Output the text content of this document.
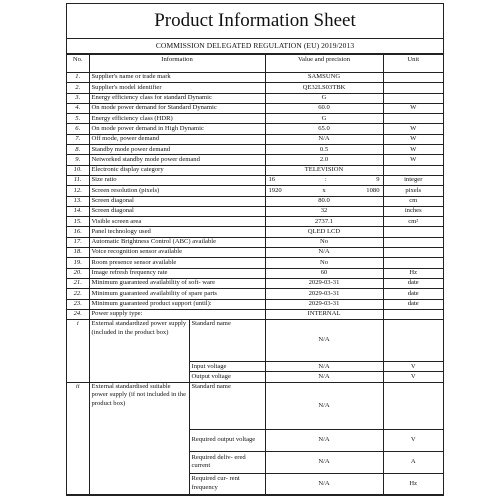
Product Information Sheet
COMMISSION DELEGATED REGULATION (EU) 2019/2013
No.	Information		Value and precision	Unit
1.	Supplier's name or trade mark		SAMSUNG	
2.	Supplier's model identifier		QE32LS03TBK	
3.	Energy efficiency class for standard Dynamic		G	
4.	On mode power demand for Standard Dynamic		60.0	W
5.	Energy efficiency class (HDR)		G	
6.	On mode power demand in High Dynamic		65.0	W
7.	Off mode, power demand		N/A	W
8.	Standby mode power demand		0.5	W
9.	Networked standby mode power demand		2.0	W
10.	Electronic display category		TELEVISION	
11.	Size ratio		16 : 9	integer
12.	Screen resolution (pixels)		1920 x 1080	pixels
13.	Screen diagonal		80.0	cm
14.	Screen diagonal		32	inches
15.	Visible screen area		2737.1	cm²
16.	Panel technology used		QLED LCD	
17.	Automatic Brightness Control (ABC) available		No	
18.	Voice recognition sensor available		N/A	
19.	Room presence sensor available		No	
20.	Image refresh frequency rate		60	Hz
21.	Minimum guaranteed availability of soft- ware		2029-03-31	date
22.	Minimum guaranteed availability of spare parts		2029-03-31	date
23.	Minimum guaranteed product support (until):		2029-03-31	date
24.	Power supply type:		INTERNAL	
i	External standardized power supply (included in the product box)	Standard name	N/A	
		Input voltage	N/A	V
		Output voltage	N/A	V
ii	External standardised suitable power supply (if not included in the product box)	Standard name	N/A	
		Required output voltage	N/A	V
		Required deliv- ered current	N/A	A
		Required cur- rent frequency	N/A	Hz
